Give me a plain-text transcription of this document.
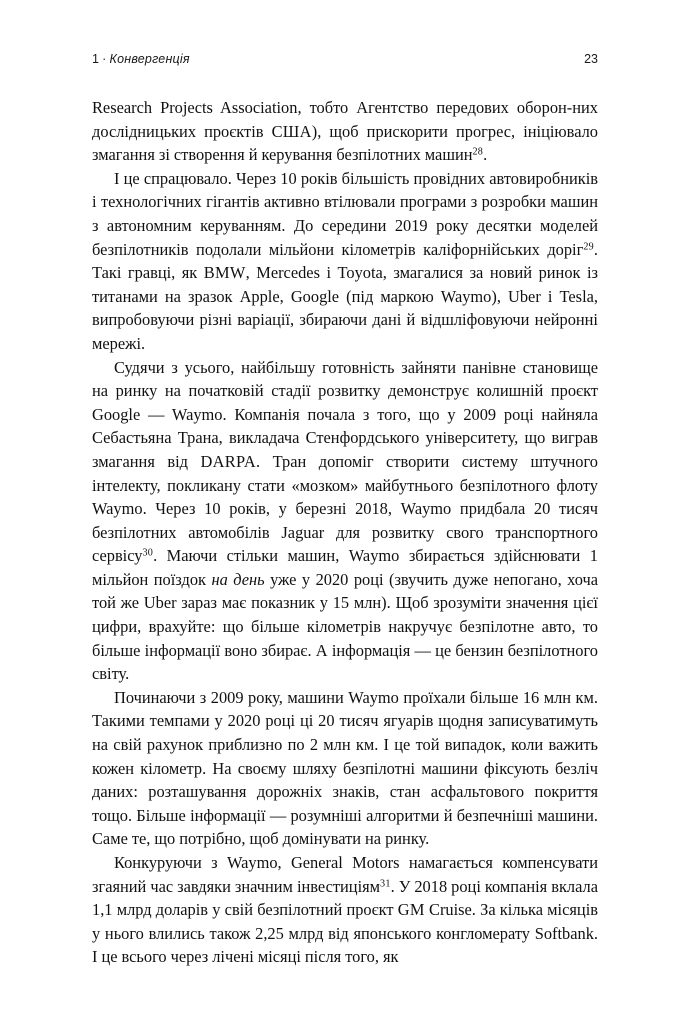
1 · Конвергенція	23

Research Projects Association, тобто Агентство передових оборон-них дослідницьких проєктів США), щоб прискорити прогрес, ініціювало змагання зі створення й керування безпілотних машин$^{28}$.

І це спрацювало. Через 10 років більшість провідних автовиробників і технологічних гігантів активно втілювали програми з розробки машин з автономним керуванням. До середини 2019 року десятки моделей безпілотників подолали мільйони кілометрів каліфорнійських доріг$^{29}$. Такі гравці, як BMW, Mercedes і Toyota, змагалися за новий ринок із титанами на зразок Apple, Google (під маркою Waymo), Uber і Tesla, випробовуючи різні варіації, збираючи дані й відшліфовуючи нейронні мережі.

Судячи з усього, найбільшу готовність зайняти панівне становище на ринку на початковій стадії розвитку демонструє колишній проєкт Google — Waymo. Компанія почала з того, що у 2009 році найняла Себастьяна Трана, викладача Стенфордського університету, що виграв змагання від DARPA. Тран допоміг створити систему штучного інтелекту, покликану стати «мозком» майбутнього безпілотного флоту Waymo. Через 10 років, у березні 2018, Waymo придбала 20 тисяч безпілотних автомобілів Jaguar для розвитку свого транспортного сервісу$^{30}$. Маючи стільки машин, Waymo збирається здійснювати 1 мільйон поїздок на день уже у 2020 році (звучить дуже непогано, хоча той же Uber зараз має показник у 15 млн). Щоб зрозуміти значення цієї цифри, врахуйте: що більше кілометрів накручує безпілотне авто, то більше інформації воно збирає. А інформація — це бензин безпілотного світу.

Починаючи з 2009 року, машини Waymo проїхали більше 16 млн км. Такими темпами у 2020 році ці 20 тисяч ягуарів щодня записуватимуть на свій рахунок приблизно по 2 млн км. І це той випадок, коли важить кожен кілометр. На своєму шляху безпілотні машини фіксують безліч даних: розташування дорожніх знаків, стан асфальтового покриття тощо. Більше інформації — розумніші алгоритми й безпечніші машини. Саме те, що потрібно, щоб домінувати на ринку.

Конкуруючи з Waymo, General Motors намагається компенсувати згаяний час завдяки значним інвестиціям$^{31}$. У 2018 році компанія вклала 1,1 млрд доларів у свій безпілотний проєкт GM Cruise. За кілька місяців у нього влились також 2,25 млрд від японського конгломерату Softbank. І це всього через лічені місяці після того, як
